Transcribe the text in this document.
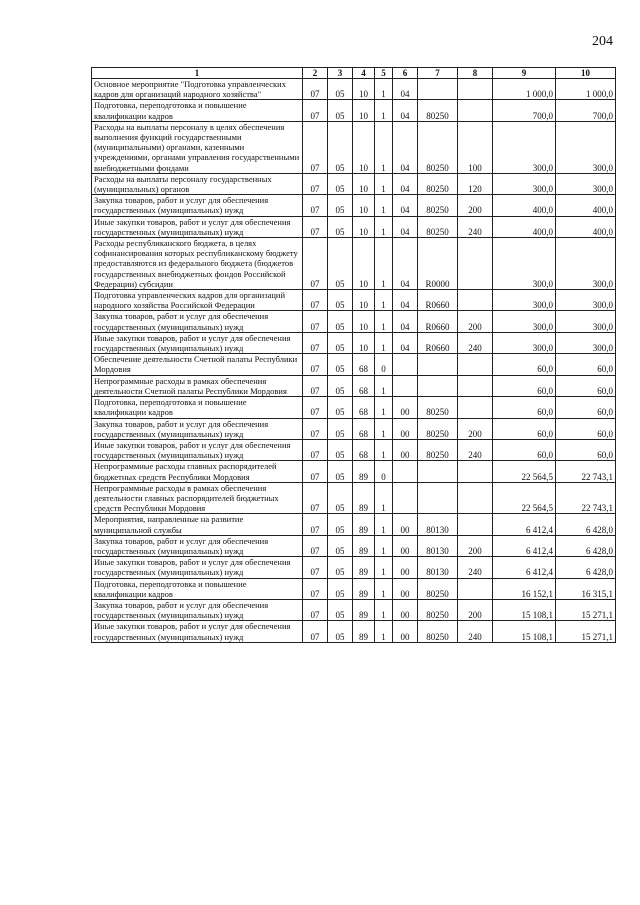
204
1	2	3	4	5	6	7	8	9	10
Основное мероприятие "Подготовка управленческих кадров для организаций народного хозяйства"	07	05	10	1	04			1 000,0	1 000,0
Подготовка, переподготовка и повышение квалификации кадров	07	05	10	1	04	80250		700,0	700,0
Расходы на выплаты персоналу в целях обеспечения выполнения функций государственными (муниципальными) органами, казенными учреждениями, органами управления государственными внебюджетными фондами	07	05	10	1	04	80250	100	300,0	300,0
Расходы на выплаты персоналу государственных (муниципальных) органов	07	05	10	1	04	80250	120	300,0	300,0
Закупка товаров, работ и услуг для обеспечения государственных (муниципальных) нужд	07	05	10	1	04	80250	200	400,0	400,0
Иные закупки товаров, работ и услуг для обеспечения государственных (муниципальных) нужд	07	05	10	1	04	80250	240	400,0	400,0
Расходы республиканского бюджета, в целях софинансирования которых республиканскому бюджету предоставляются из федерального бюджета (бюджетов государственных внебюджетных фондов Российской Федерации) субсидии	07	05	10	1	04	R0000		300,0	300,0
Подготовка управленческих кадров для организаций народного хозяйства Российской Федерации	07	05	10	1	04	R0660		300,0	300,0
Закупка товаров, работ и услуг для обеспечения государственных (муниципальных) нужд	07	05	10	1	04	R0660	200	300,0	300,0
Иные закупки товаров, работ и услуг для обеспечения государственных (муниципальных) нужд	07	05	10	1	04	R0660	240	300,0	300,0
Обеспечение деятельности Счетной палаты Республики Мордовия	07	05	68	0				60,0	60,0
Непрограммные расходы в рамках обеспечения деятельности Счетной палаты Республики Мордовия	07	05	68	1				60,0	60,0
Подготовка, переподготовка и повышение квалификации кадров	07	05	68	1	00	80250		60,0	60,0
Закупка товаров, работ и услуг для обеспечения государственных (муниципальных) нужд	07	05	68	1	00	80250	200	60,0	60,0
Иные закупки товаров, работ и услуг для обеспечения государственных (муниципальных) нужд	07	05	68	1	00	80250	240	60,0	60,0
Непрограммные расходы главных распорядителей бюджетных средств Республики Мордовия	07	05	89	0				22 564,5	22 743,1
Непрограммные расходы в рамках обеспечения деятельности главных распорядителей бюджетных средств Республики Мордовия	07	05	89	1				22 564,5	22 743,1
Мероприятия, направленные на развитие муниципальной службы	07	05	89	1	00	80130		6 412,4	6 428,0
Закупка товаров, работ и услуг для обеспечения государственных (муниципальных) нужд	07	05	89	1	00	80130	200	6 412,4	6 428,0
Иные закупки товаров, работ и услуг для обеспечения государственных (муниципальных) нужд	07	05	89	1	00	80130	240	6 412,4	6 428,0
Подготовка, переподготовка и повышение квалификации кадров	07	05	89	1	00	80250		16 152,1	16 315,1
Закупка товаров, работ и услуг для обеспечения государственных (муниципальных) нужд	07	05	89	1	00	80250	200	15 108,1	15 271,1
Иные закупки товаров, работ и услуг для обеспечения государственных (муниципальных) нужд	07	05	89	1	00	80250	240	15 108,1	15 271,1
